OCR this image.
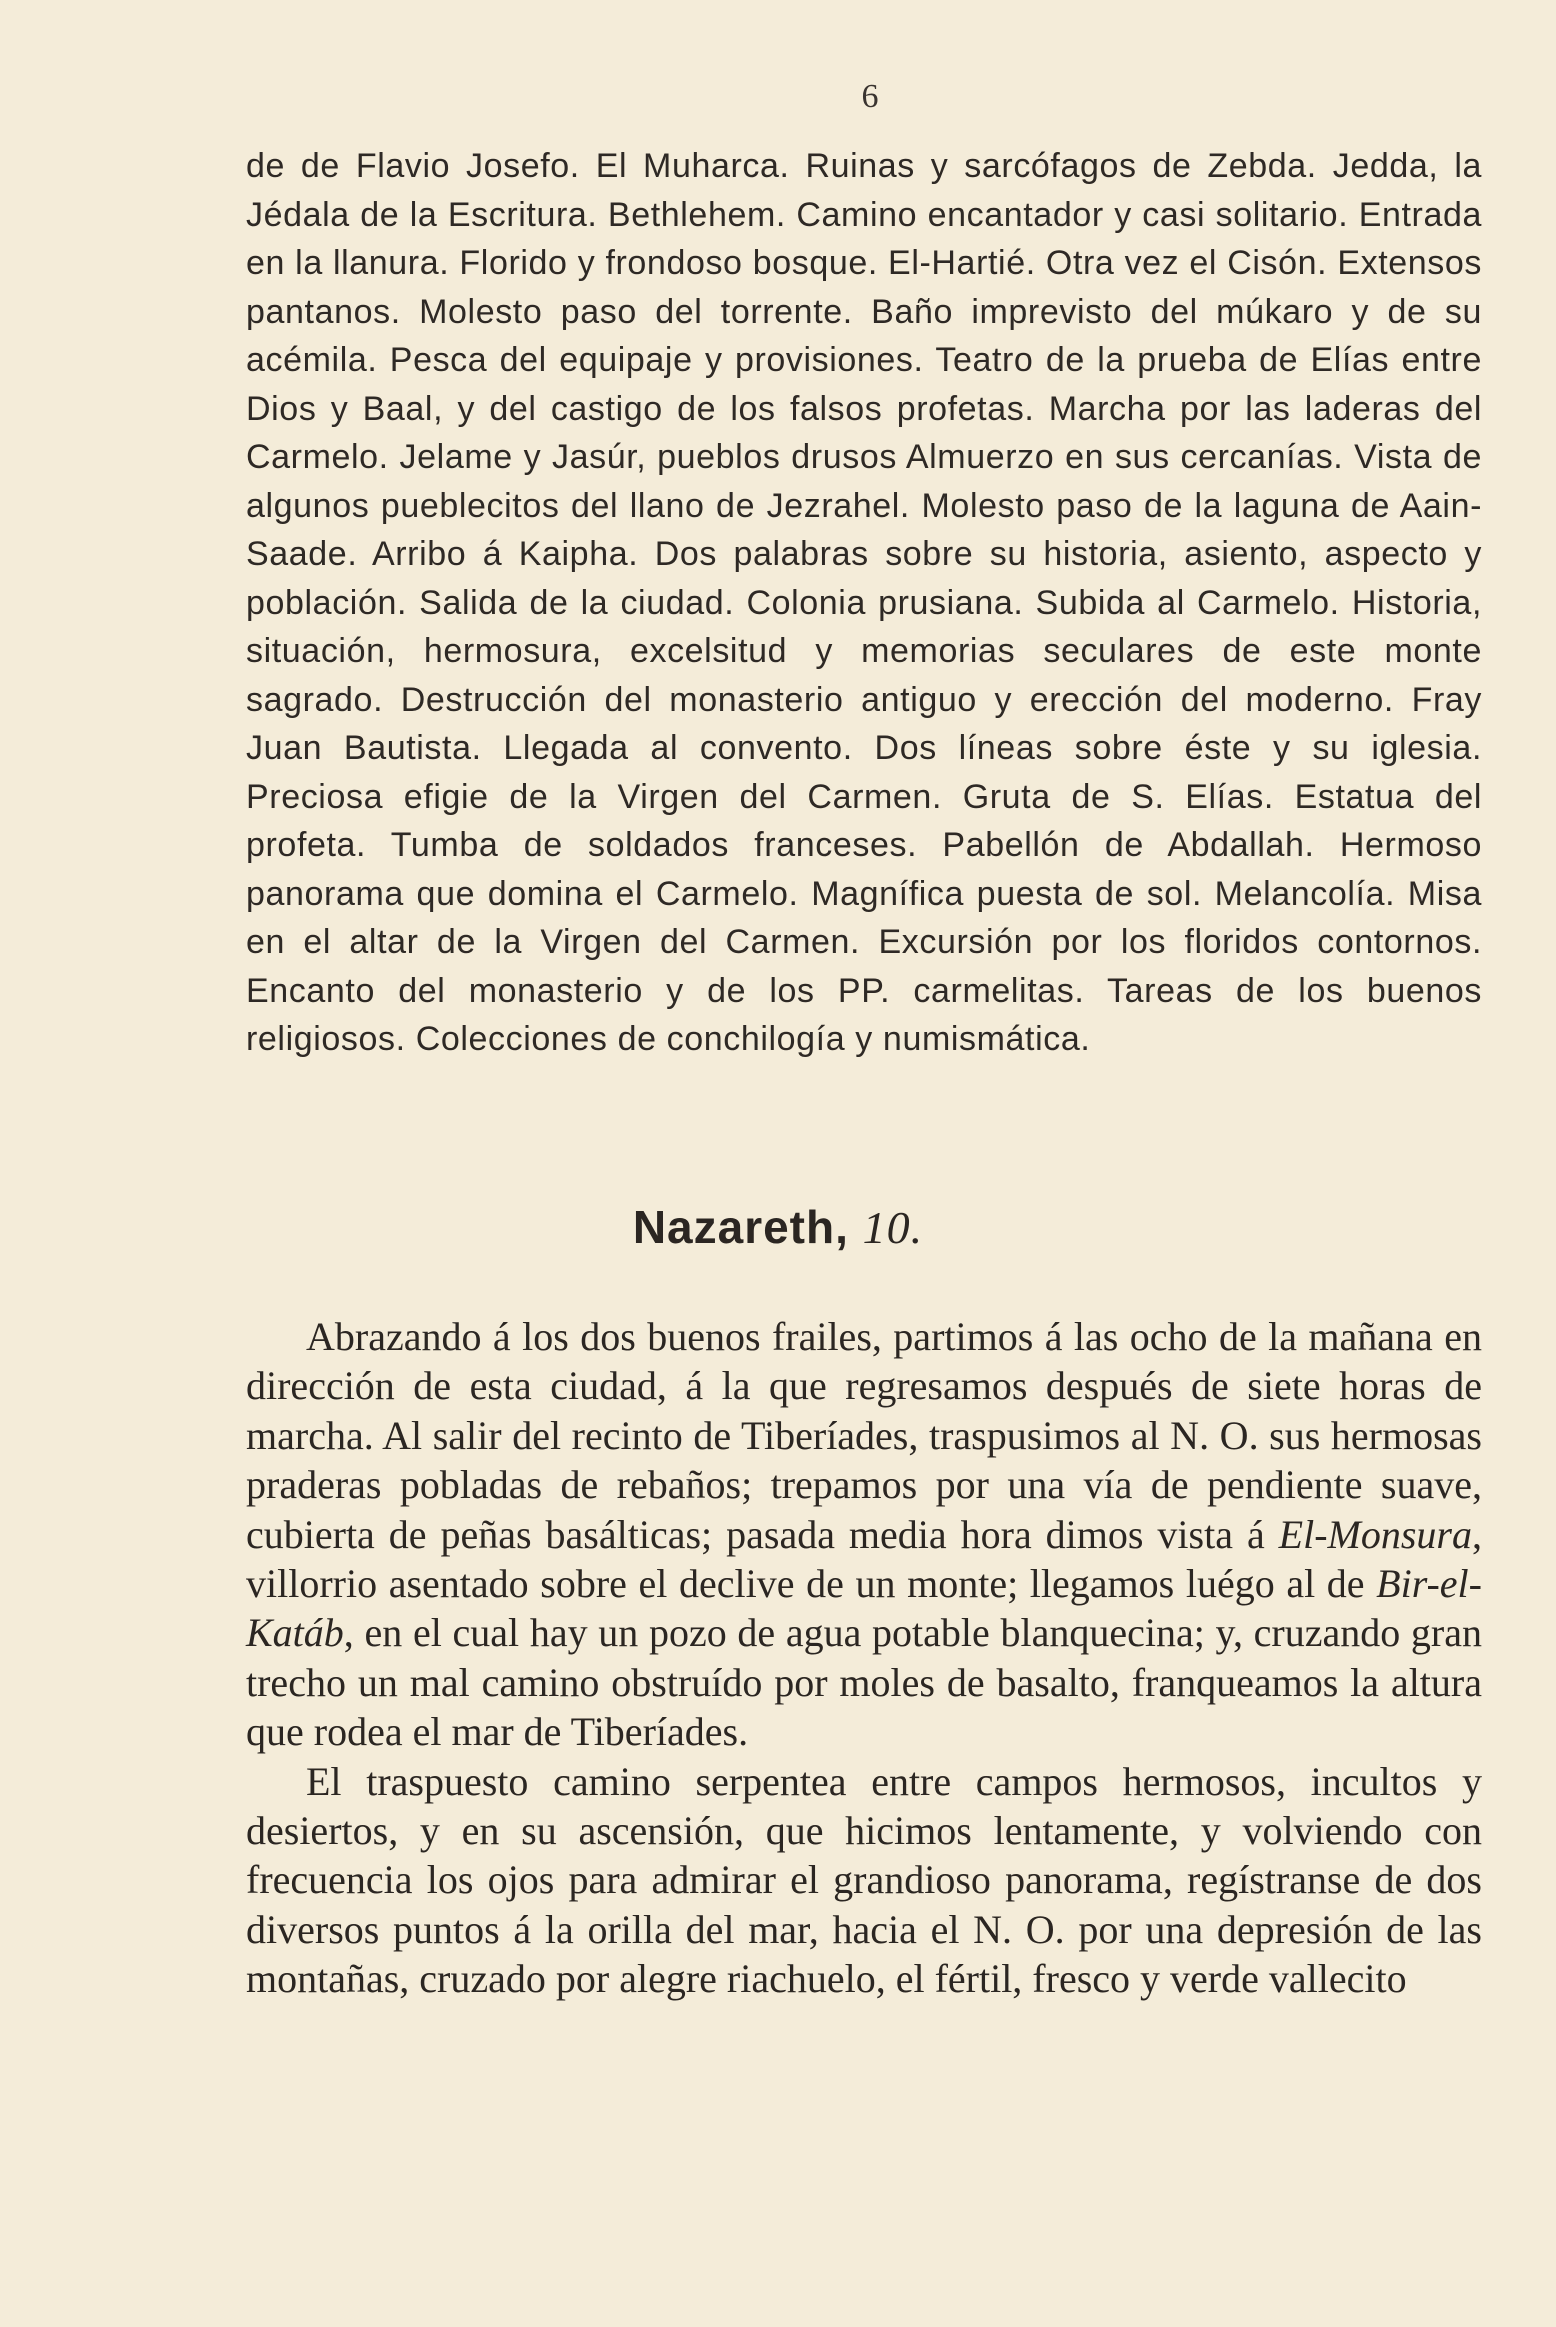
6

de de Flavio Josefo. El Muharca. Ruinas y sarcófagos de Zebda. Jedda, la Jédala de la Escritura. Bethlehem. Camino encantador y casi solitario. Entrada en la llanura. Florido y frondoso bosque. El-Hartié. Otra vez el Cisón. Extensos pantanos. Molesto paso del torrente. Baño imprevisto del múkaro y de su acémila. Pesca del equipaje y provisiones. Teatro de la prueba de Elías entre Dios y Baal, y del castigo de los falsos profetas. Marcha por las laderas del Carmelo. Jelame y Jasúr, pueblos drusos Almuerzo en sus cercanías. Vista de algunos pueblecitos del llano de Jezrahel. Molesto paso de la laguna de Aain-Saade. Arribo á Kaipha. Dos palabras sobre su historia, asiento, aspecto y población. Salida de la ciudad. Colonia prusiana. Subida al Carmelo. Historia, situación, hermosura, excelsitud y memorias seculares de este monte sagrado. Destrucción del monasterio antiguo y erección del moderno. Fray Juan Bautista. Llegada al convento. Dos líneas sobre éste y su iglesia. Preciosa efigie de la Virgen del Carmen. Gruta de S. Elías. Estatua del profeta. Tumba de soldados franceses. Pabellón de Abdallah. Hermoso panorama que domina el Carmelo. Magnífica puesta de sol. Melancolía. Misa en el altar de la Virgen del Carmen. Excursión por los floridos contornos. Encanto del monasterio y de los PP. carmelitas. Tareas de los buenos religiosos. Colecciones de conchilogía y numismática.

Nazareth, 10.

Abrazando á los dos buenos frailes, partimos á las ocho de la mañana en dirección de esta ciudad, á la que regresamos después de siete horas de marcha. Al salir del recinto de Tiberíades, traspusimos al N. O. sus hermosas praderas pobladas de rebaños; trepamos por una vía de pendiente suave, cubierta de peñas basálticas; pasada media hora dimos vista á El-Monsura, villorrio asentado sobre el declive de un monte; llegamos luégo al de Bir-el-Katáb, en el cual hay un pozo de agua potable blanquecina; y, cruzando gran trecho un mal camino obstruído por moles de basalto, franqueamos la altura que rodea el mar de Tiberíades.

El traspuesto camino serpentea entre campos hermosos, incultos y desiertos, y en su ascensión, que hicimos lentamente, y volviendo con frecuencia los ojos para admirar el grandioso panorama, regístranse de dos diversos puntos á la orilla del mar, hacia el N. O. por una depresión de las montañas, cruzado por alegre riachuelo, el fértil, fresco y verde vallecito
